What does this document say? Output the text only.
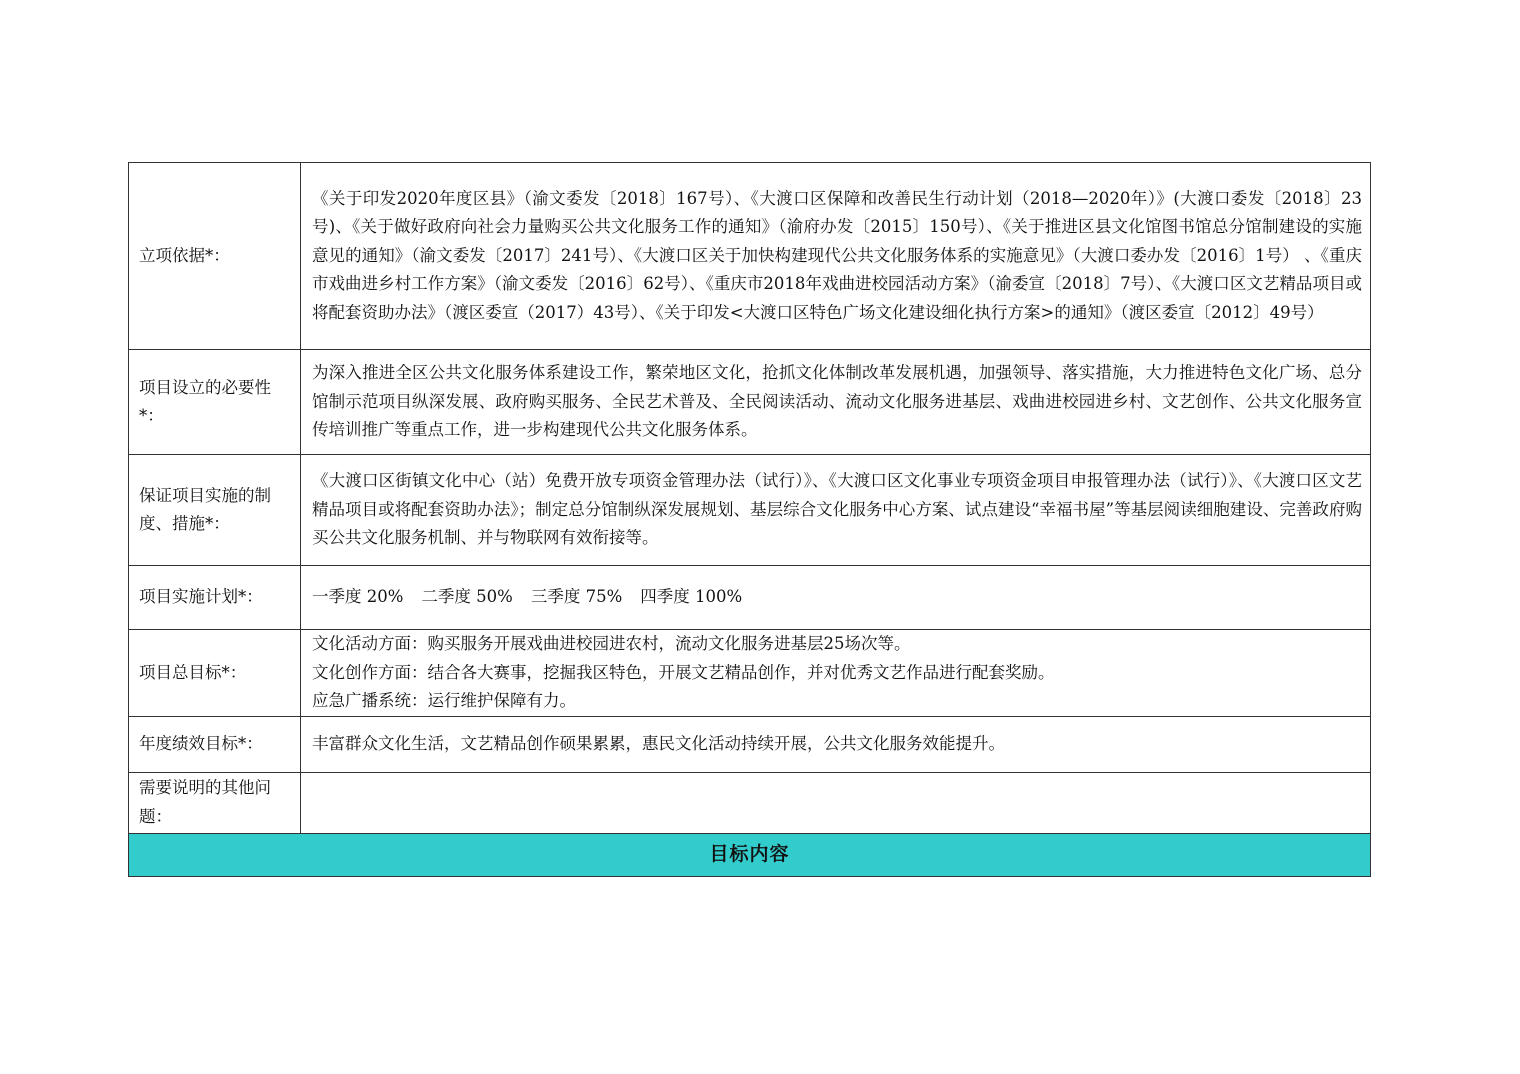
立项依据*：	《关于印发2020年度区县》（渝文委发〔2018〕167号）、《大渡口区保障和改善民生行动计划（2018—2020年）》(大渡口委发〔2018〕23号)、《关于做好政府向社会力量购买公共文化服务工作的通知》（渝府办发〔2015〕150号）、《关于推进区县文化馆图书馆总分馆制建设的实施意见的通知》（渝文委发〔2017〕241号）、《大渡口区关于加快构建现代公共文化服务体系的实施意见》（大渡口委办发〔2016〕1号） 、《重庆市戏曲进乡村工作方案》（渝文委发〔2016〕62号）、《重庆市2018年戏曲进校园活动方案》（渝委宣〔2018〕7号）、《大渡口区文艺精品项目或将配套资助办法》（渡区委宣（2017）43号）、《关于印发<大渡口区特色广场文化建设细化执行方案>的通知》（渡区委宣〔2012〕49号）
项目设立的必要性*：	为深入推进全区公共文化服务体系建设工作，繁荣地区文化，抢抓文化体制改革发展机遇，加强领导、落实措施，大力推进特色文化广场、总分馆制示范项目纵深发展、政府购买服务、全民艺术普及、全民阅读活动、流动文化服务进基层、戏曲进校园进乡村、文艺创作、公共文化服务宣传培训推广等重点工作，进一步构建现代公共文化服务体系。
保证项目实施的制度、措施*：	《大渡口区街镇文化中心（站）免费开放专项资金管理办法（试行）》、《大渡口区文化事业专项资金项目申报管理办法（试行）》、《大渡口区文艺精品项目或将配套资助办法》；制定总分馆制纵深发展规划、基层综合文化服务中心方案、试点建设“幸福书屋”等基层阅读细胞建设、完善政府购买公共文化服务机制、并与物联网有效衔接等。
项目实施计划*：	一季度 20% 二季度 50% 三季度 75% 四季度 100%
项目总目标*：	文化活动方面：购买服务开展戏曲进校园进农村，流动文化服务进基层25场次等。
文化创作方面：结合各大赛事，挖掘我区特色，开展文艺精品创作，并对优秀文艺作品进行配套奖励。
应急广播系统：运行维护保障有力。

年度绩效目标*：	丰富群众文化生活，文艺精品创作硕果累累，惠民文化活动持续开展，公共文化服务效能提升。
需要说明的其他问题：	
目标内容	
